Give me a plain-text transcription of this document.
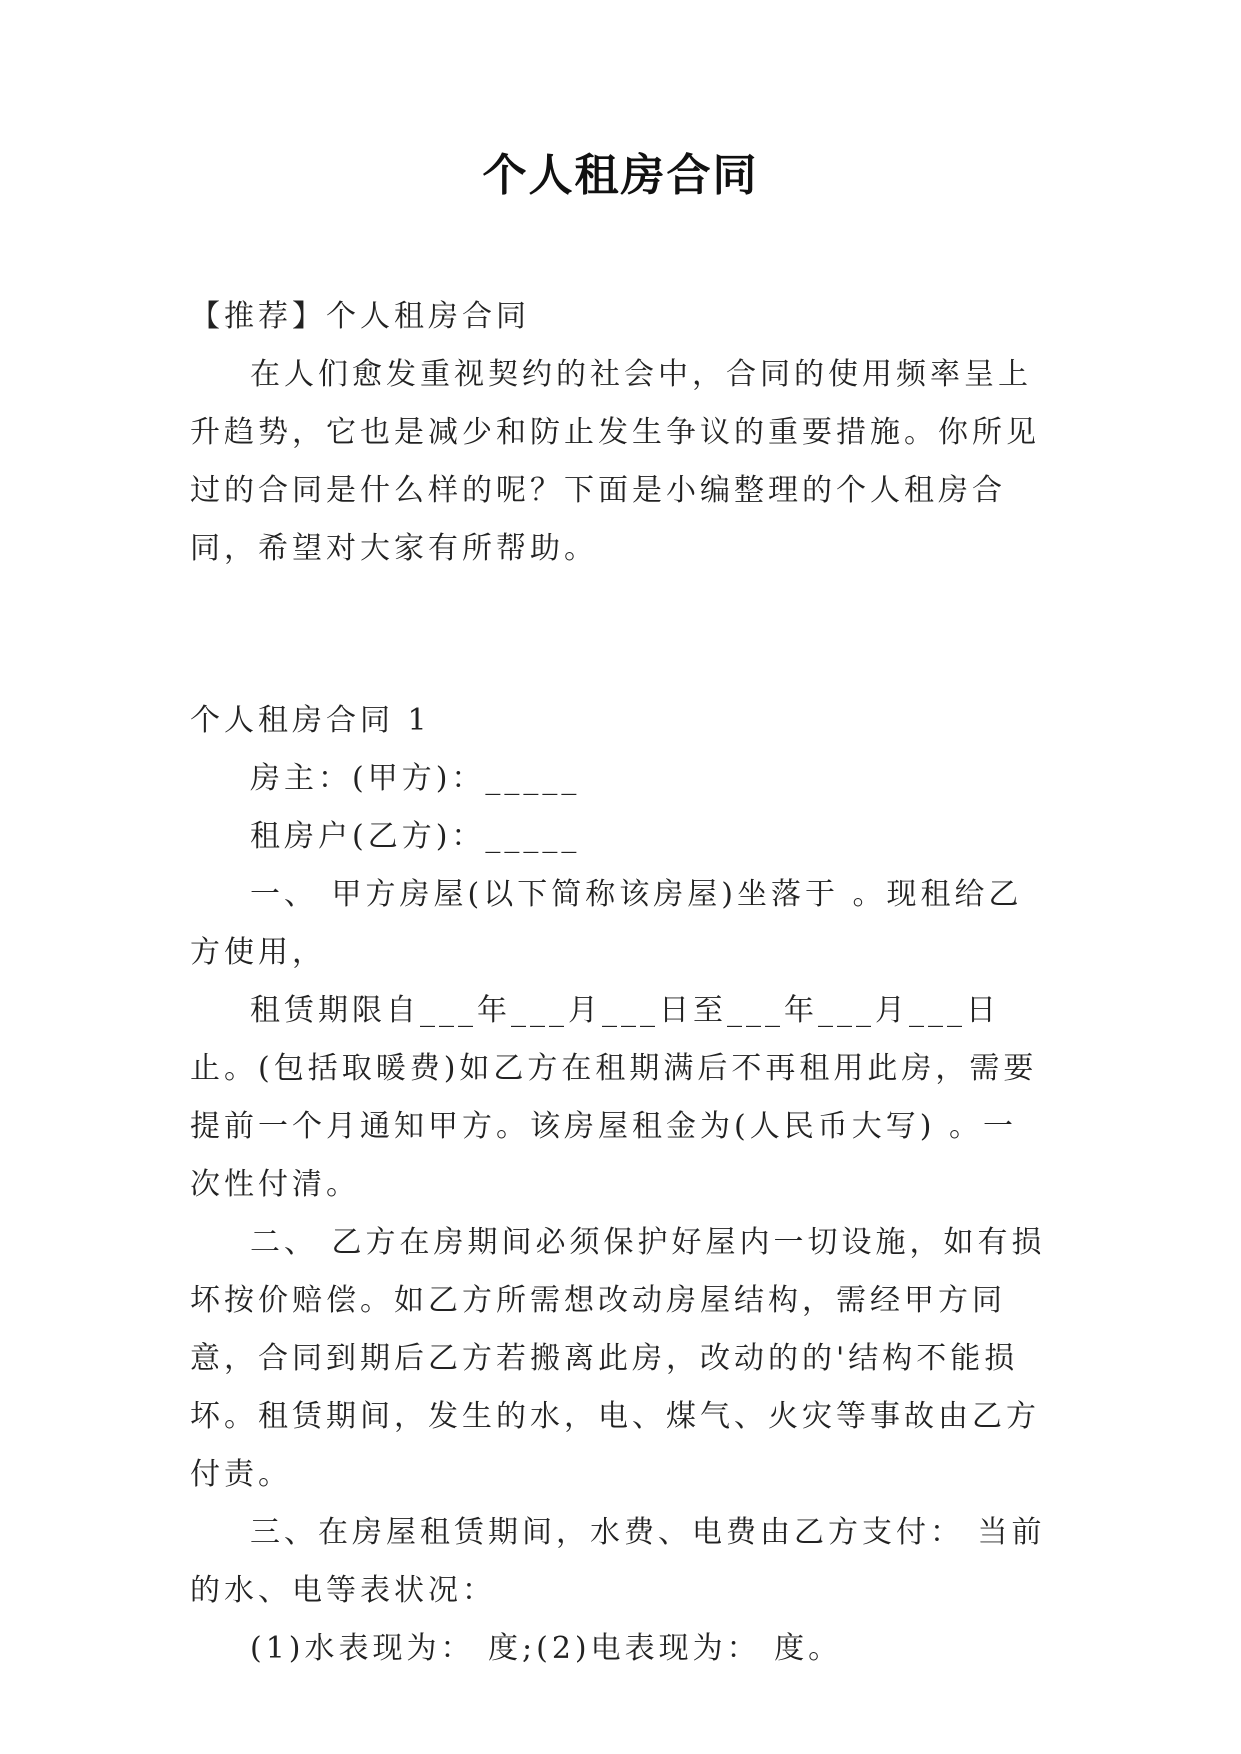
个人租房合同

【推荐】个人租房合同

在人们愈发重视契约的社会中，合同的使用频率呈上升趋势，它也是减少和防止发生争议的重要措施。你所见过的合同是什么样的呢？下面是小编整理的个人租房合同，希望对大家有所帮助。

个人租房合同 1

房主：(甲方)：_____

租房户(乙方)：_____

一、 甲方房屋(以下简称该房屋)坐落于 。现租给乙方使用，

租赁期限自___年___月___日至___年___月___日止。(包括取暖费)如乙方在租期满后不再租用此房，需要提前一个月通知甲方。该房屋租金为(人民币大写) 。一次性付清。

二、 乙方在房期间必须保护好屋内一切设施，如有损坏按价赔偿。如乙方所需想改动房屋结构，需经甲方同意，合同到期后乙方若搬离此房，改动的的'结构不能损坏。租赁期间，发生的水，电、煤气、火灾等事故由乙方付责。

三、在房屋租赁期间，水费、电费由乙方支付： 当前的水、电等表状况：

(1)水表现为： 度;(2)电表现为： 度。
